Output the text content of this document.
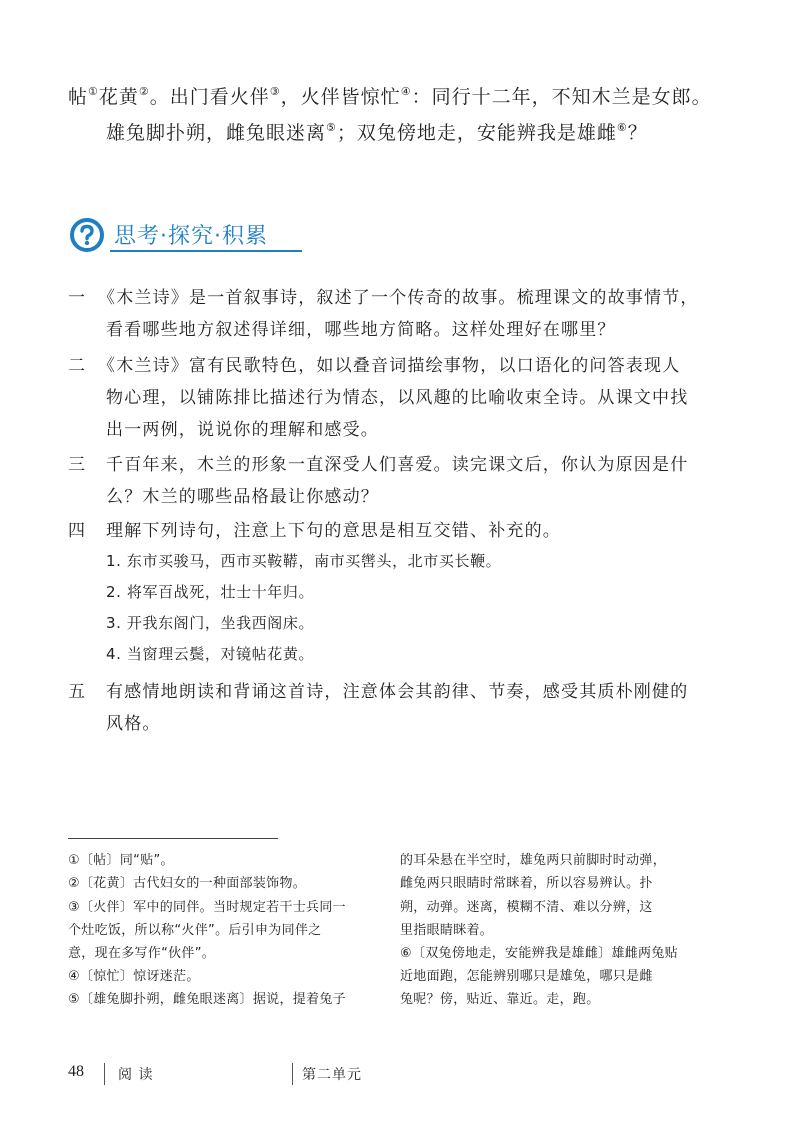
帖①花黄②。出门看火伴③，火伴皆惊忙④：同行十二年，不知木兰是女郎。
雄兔脚扑朔，雌兔眼迷离⑤；双兔傍地走，安能辨我是雄雌⑥？
思考·探究·积累
一 《木兰诗》是一首叙事诗，叙述了一个传奇的故事。梳理课文的故事情节，
看看哪些地方叙述得详细，哪些地方简略。这样处理好在哪里？
二 《木兰诗》富有民歌特色，如以叠音词描绘事物，以口语化的问答表现人
物心理，以铺陈排比描述行为情态，以风趣的比喻收束全诗。从课文中找
出一两例，说说你的理解和感受。
三 千百年来，木兰的形象一直深受人们喜爱。读完课文后，你认为原因是什
么？木兰的哪些品格最让你感动？
四 理解下列诗句，注意上下句的意思是相互交错、补充的。
1. 东市买骏马，西市买鞍鞯，南市买辔头，北市买长鞭。
2. 将军百战死，壮士十年归。
3. 开我东阁门，坐我西阁床。
4. 当窗理云鬓，对镜帖花黄。
五 有感情地朗读和背诵这首诗，注意体会其韵律、节奏，感受其质朴刚健的
风格。
①〔帖〕同“贴”。
②〔花黄〕古代妇女的一种面部装饰物。
③〔火伴〕军中的同伴。当时规定若干士兵同一
个灶吃饭，所以称“火伴”。后引申为同伴之
意，现在多写作“伙伴”。
④〔惊忙〕惊讶迷茫。
⑤〔雄兔脚扑朔，雌兔眼迷离〕据说，提着兔子
的耳朵悬在半空时，雄兔两只前脚时时动弹，
雌兔两只眼睛时常眯着，所以容易辨认。扑
朔，动弹。迷离，模糊不清、难以分辨，这
里指眼睛眯着。
⑥〔双兔傍地走，安能辨我是雄雌〕雄雌两兔贴
近地面跑，怎能辨别哪只是雄兔，哪只是雌
兔呢？傍，贴近、靠近。走，跑。
48 阅 读	第二单元
